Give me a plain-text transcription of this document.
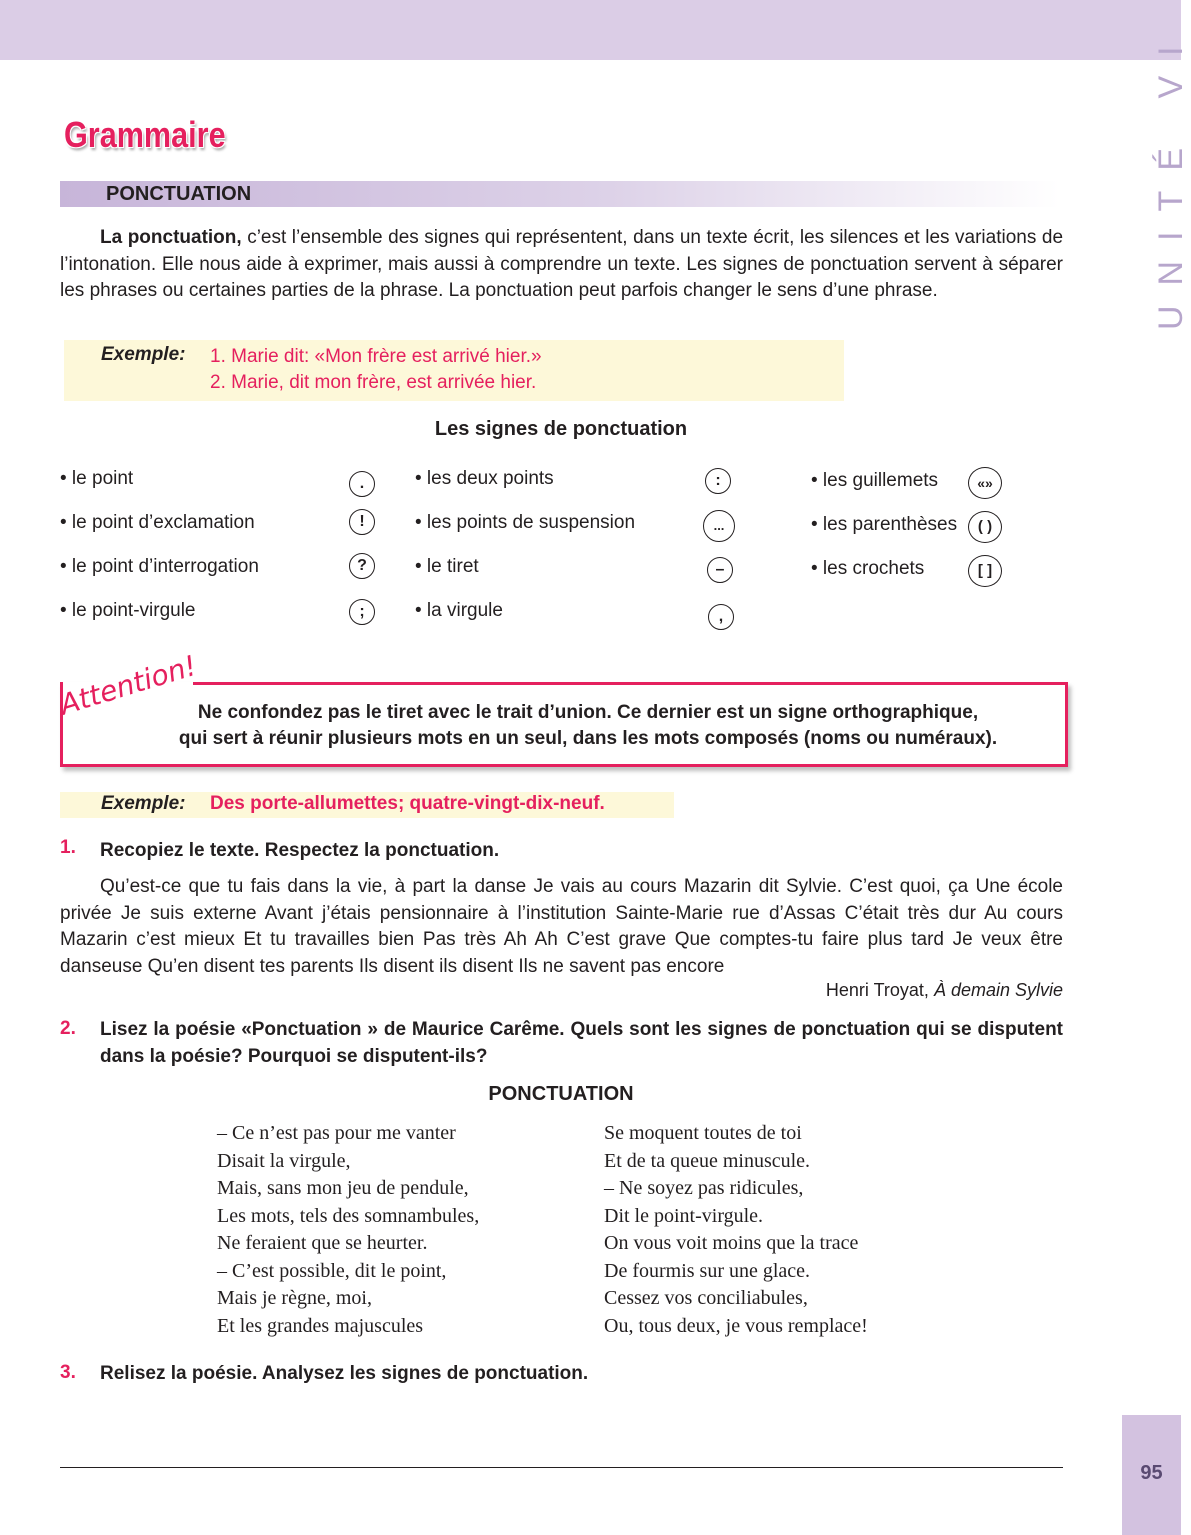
UNITÉ VI
95
Grammaire
PONCTUATION
La ponctuation, c’est l’ensemble des signes qui représentent, dans un texte écrit, les silences et les variations de l’intonation. Elle nous aide à exprimer, mais aussi à comprendre un texte. Les signes de ponctuation servent à séparer les phrases ou certaines parties de la phrase. La ponctuation peut parfois changer le sens d’une phrase.
Exemple: 1. Marie dit: «Mon frère est arrivé hier.»
2. Marie, dit mon frère, est arrivée hier.
Les signes de ponctuation
• le point	.
• le point d’exclamation	!
• le point d’interrogation	?
• le point-virgule	;
• les deux points	:
• les points de suspension	...
• le tiret	–
• la virgule	,
• les guillemets	«»
• les parenthèses	( )
• les crochets	[ ]
Attention!
Ne confondez pas le tiret avec le trait d’union. Ce dernier est un signe orthographique,
qui sert à réunir plusieurs mots en un seul, dans les mots composés (noms ou numéraux).
Exemple: Des porte-allumettes; quatre-vingt-dix-neuf.
1. Recopiez le texte. Respectez la ponctuation.
Qu’est-ce que tu fais dans la vie, à part la danse Je vais au cours Mazarin dit Sylvie. C’est quoi, ça Une école privée Je suis externe Avant j’étais pensionnaire à l’institution Sainte-Marie rue d’Assas C’était très dur Au cours Mazarin c’est mieux Et tu travailles bien Pas très Ah Ah C’est grave Que comptes-tu faire plus tard Je veux être danseuse Qu’en disent tes parents Ils disent ils disent Ils ne savent pas encore
Henri Troyat, À demain Sylvie
2. Lisez la poésie «Ponctuation » de Maurice Carême. Quels sont les signes de ponctuation qui se disputent dans la poésie? Pourquoi se disputent-ils?
PONCTUATION
– Ce n’est pas pour me vanter
Disait la virgule,
Mais, sans mon jeu de pendule,
Les mots, tels des somnambules,
Ne feraient que se heurter.
– C’est possible, dit le point,
Mais je règne, moi,
Et les grandes majuscules
Se moquent toutes de toi
Et de ta queue minuscule.
– Ne soyez pas ridicules,
Dit le point-virgule.
On vous voit moins que la trace
De fourmis sur une glace.
Cessez vos conciliabules,
Ou, tous deux, je vous remplace!
3. Relisez la poésie. Analysez les signes de ponctuation.
